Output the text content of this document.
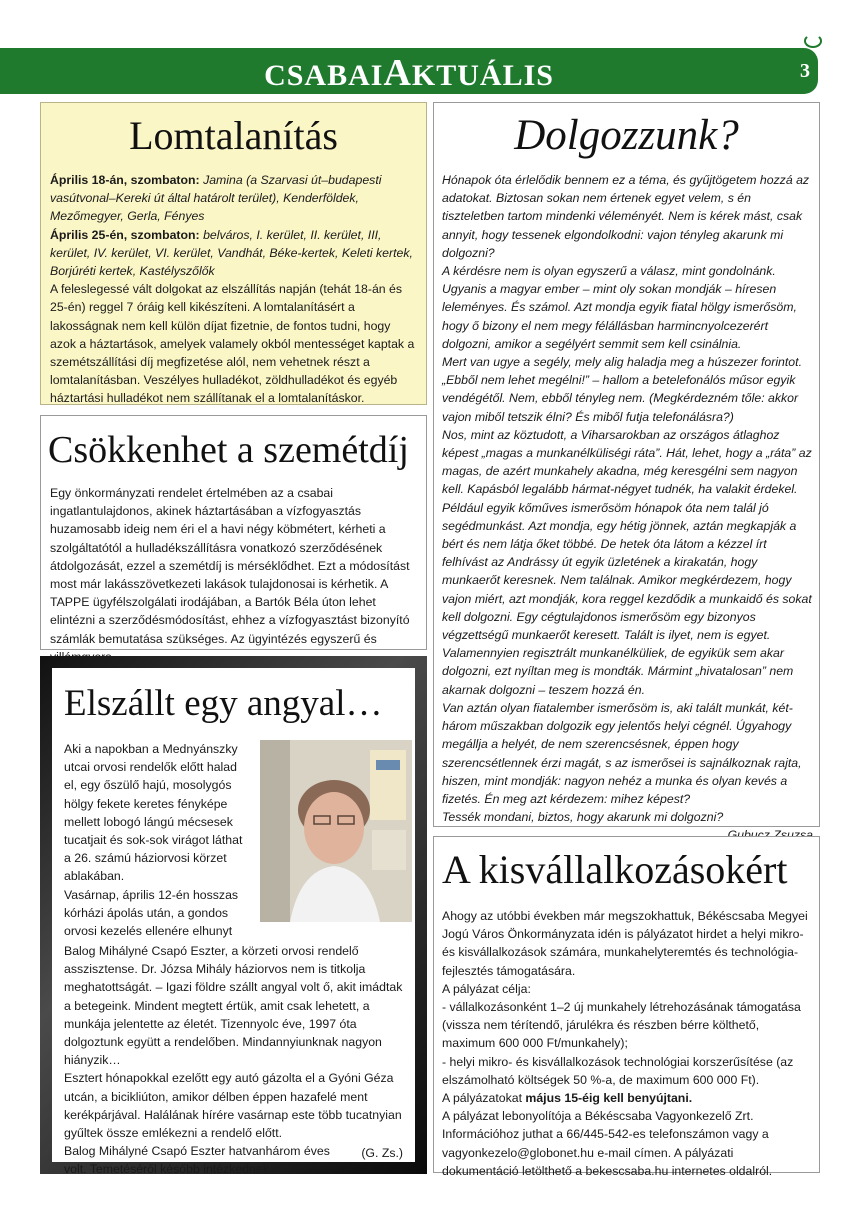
CSABAIAKTUÁLIS	3
Lomtalanítás

Április 18-án, szombaton: Jamina (a Szarvasi út–budapesti vasútvonal–Kereki út által határolt terület), Kenderföldek, Mezőmegyer, Gerla, Fényes

Április 25-én, szombaton: belváros, I. kerület, II. kerület, III, kerület, IV. kerület, VI. kerület, Vandhát, Béke-kertek, Keleti kertek, Borjúréti kertek, Kastélyszőlők

A feleslegessé vált dolgokat az elszállítás napján (tehát 18-án és 25-én) reggel 7 óráig kell kikészíteni. A lomtalanításért a lakosságnak nem kell külön díjat fizetnie, de fontos tudni, hogy azok a háztartások, amelyek valamely okból mentességet kaptak a szemétszállítási díj megfizetése alól, nem vehetnek részt a lomtalanításban. Veszélyes hulladékot, zöldhulladékot és egyéb háztartási hulladékot nem szállítanak el a lomtalanításkor.

Csökkenhet a szemétdíj

Egy önkormányzati rendelet értelmében az a csabai ingatlantulajdonos, akinek háztartásában a vízfogyasztás huzamosabb ideig nem éri el a havi négy köbmétert, kérheti a szolgáltatótól a hulladékszállításra vonatkozó szerződésének átdolgozását, ezzel a szemétdíj is mérséklődhet. Ezt a módosítást most már lakásszövetkezeti lakások tulajdonosai is kérhetik. A TAPPE ügyfélszolgálati irodájában, a Bartók Béla úton lehet elintézni a szerződésmódosítást, ehhez a vízfogyasztást bizonyító számlák bemutatása szükséges. Az ügyintézés egyszerű és

Elszállt egy angyal…

Aki a napokban a Mednyánszky

utcai orvosi rendelők előtt halad

el, egy őszülő hajú, mosolygós

hölgy fekete keretes fényképe

mellett lobogó lángú mécsesek

tucatjait és sok-sok virágot láthat

a 26. számú háziorvosi körzet

ablakában.

Vasárnap, április 12-én hosszas

kórházi ápolás után, a gondos

orvosi kezelés ellenére elhunyt

Balog Mihályné Csapó Eszter, a körzeti orvosi rendelő asszisztense. Dr. Józsa Mihály háziorvos nem is titkolja meghatottságát. – Igazi földre szállt angyal volt ő, akit imádtak a betegeink. Mindent megtett értük, amit csak lehetett, a munkája jelentette az életét. Tizennyolc éve, 1997 óta dolgoztunk együtt a rendelőben. Mindannyiunknak nagyon hiányzik…

Esztert hónapokkal ezelőtt egy autó gázolta el a Gyóni Géza utcán, a bicikliúton, amikor délben éppen hazafelé ment kerékpárjával. Halálának hírére vasárnap este több tucatnyian gyűltek össze emlékezni a rendelő előtt.

Balog Mihályné Csapó Eszter hatvanhárom éves volt. Temetéséről később intézkednek.

(G. Zs.)
Dolgozzunk?

Hónapok óta érlelődik bennem ez a téma, és gyűjtögetem hozzá az adatokat. Biztosan sokan nem értenek egyet velem, s én tiszteletben tartom mindenki véleményét. Nem is kérek mást, csak annyit, hogy tessenek elgondolkodni: vajon tényleg akarunk mi dolgozni?

A kérdésre nem is olyan egyszerű a válasz, mint gondolnánk. Ugyanis a magyar ember – mint oly sokan mondják – híresen leleményes. És számol. Azt mondja egyik fiatal hölgy ismerősöm, hogy ő bizony el nem megy félállásban harmincnyolcezerért dolgozni, amikor a segélyért semmit sem kell csinálnia.

Mert van ugye a segély, mely alig haladja meg a húszezer forintot. „Ebből nem lehet megélni!” – hallom a betelefonálós műsor egyik vendégétől. Nem, ebből tényleg nem. (Megkérdezném tőle: akkor vajon miből tetszik élni? És miből futja telefonálásra?)

Nos, mint az köztudott, a Viharsarokban az országos átlaghoz képest „magas a munkanélküliségi ráta”. Hát, lehet, hogy a „ráta” az magas, de azért munkahely akadna, még keresgélni sem nagyon kell. Kapásból legalább hármat-négyet tudnék, ha valakit érdekel. Például egyik kőműves ismerősöm hónapok óta nem talál jó segédmunkást. Azt mondja, egy hétig jönnek, aztán megkapják a bért és nem látja őket többé. De hetek óta látom a kézzel írt felhívást az Andrássy út egyik üzletének a kirakatán, hogy munkaerőt keresnek. Nem találnak. Amikor megkérdezem, hogy vajon miért, azt mondják, kora reggel kezdődik a munkaidő és sokat kell dolgozni. Egy cégtulajdonos ismerősöm egy bizonyos végzettségű munkaerőt keresett. Talált is ilyet, nem is egyet. Valamennyien regisztrált munkanélküliek, de egyikük sem akar dolgozni, ezt nyíltan meg is mondták. Mármint „hivatalosan” nem akarnak dolgozni – teszem hozzá én.

Van aztán olyan fiatalember ismerősöm is, aki talált munkát, két-három műszakban dolgozik egy jelentős helyi cégnél. Úgyahogy megállja a helyét, de nem szerencsésnek, éppen hogy szerencsétlennek érzi magát, s az ismerősei is sajnálkoznak rajta, hiszen, mint mondják: nagyon nehéz a munka és olyan kevés a fizetés. Én meg azt kérdezem: mihez képest?

Tessék mondani, biztos, hogy akarunk mi dolgozni?

A kisvállalkozásokért

Ahogy az utóbbi években már megszokhattuk, Békéscsaba Megyei Jogú Város Önkormányzata idén is pályázatot hirdet a helyi mikro- és kisvállalkozások számára, munkahelyteremtés és technológia-fejlesztés támogatására.

A pályázat célja:

- vállalkozásonként 1–2 új munkahely létrehozásának támogatása (vissza nem térítendő, járulékra és részben bérre költhető, maximum 600 000 Ft/munkahely);

- helyi mikro- és kisvállalkozások technológiai korszerűsítése (az elszámolható költségek 50 %-a, de maximum 600 000 Ft).

A pályázatokat május 15-éig kell benyújtani.

A pályázat lebonyolítója a Békéscsaba Vagyonkezelő Zrt. Információhoz juthat a 66/445-542-es telefonszámon vagy a vagyonkezelo@globonet.hu e-mail címen. A pályázati dokumentáció letölthető a bekescsaba.hu internetes oldalról.
